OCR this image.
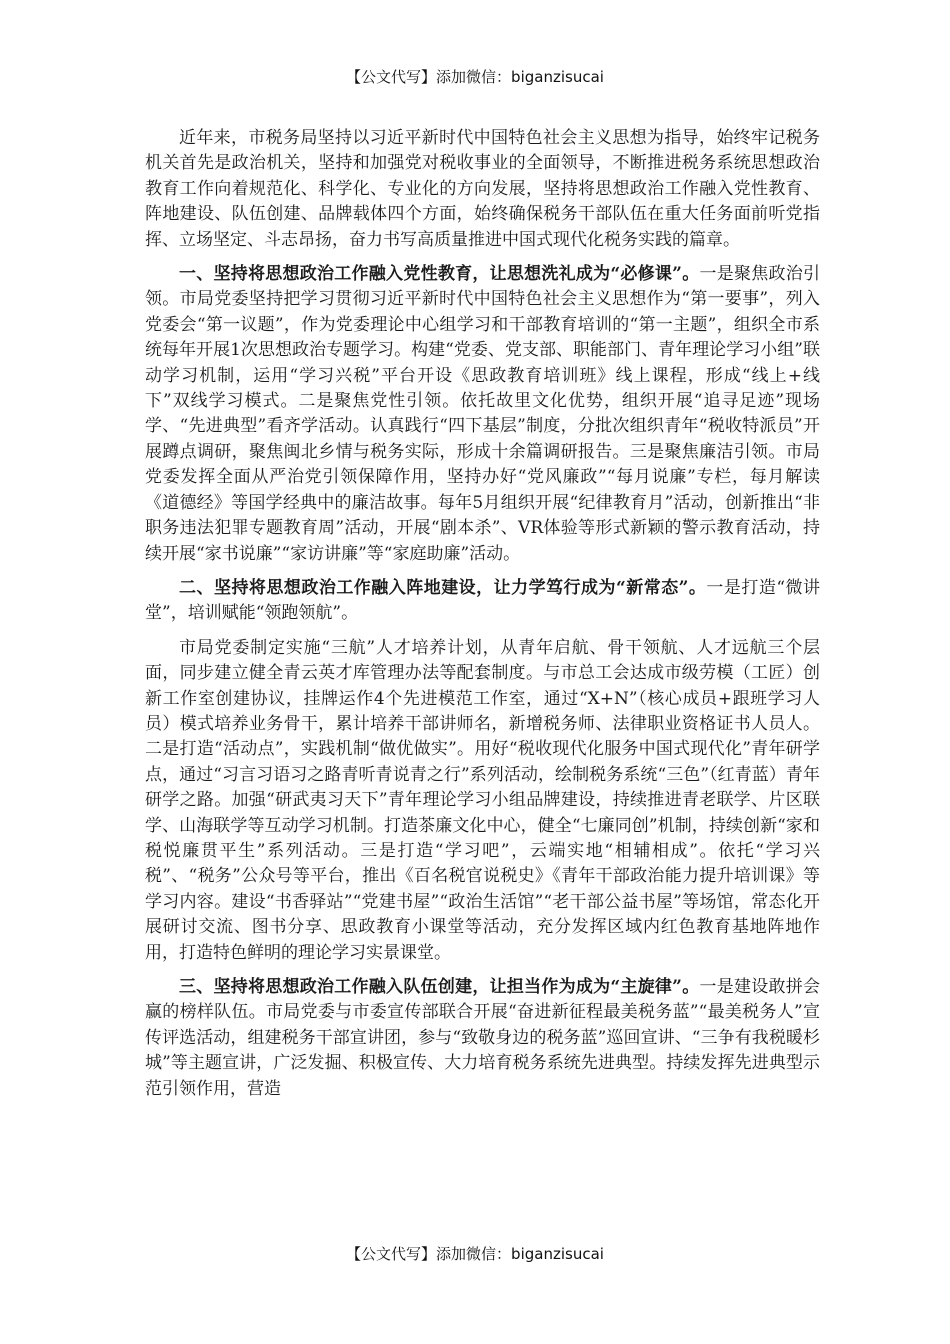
【公文代写】添加微信：biganzisucai

近年来，市税务局坚持以习近平新时代中国特色社会主义思想为指导，始终牢记税务机关首先是政治机关，坚持和加强党对税收事业的全面领导，不断推进税务系统思想政治教育工作向着规范化、科学化、专业化的方向发展，坚持将思想政治工作融入党性教育、阵地建设、队伍创建、品牌载体四个方面，始终确保税务干部队伍在重大任务面前听党指挥、立场坚定、斗志昂扬，奋力书写高质量推进中国式现代化税务实践的篇章。

一、坚持将思想政治工作融入党性教育，让思想洗礼成为“必修课”。一是聚焦政治引领。市局党委坚持把学习贯彻习近平新时代中国特色社会主义思想作为“第一要事”，列入党委会“第一议题”，作为党委理论中心组学习和干部教育培训的“第一主题”，组织全市系统每年开展1次思想政治专题学习。构建“党委、党支部、职能部门、青年理论学习小组”联动学习机制，运用“学习兴税”平台开设《思政教育培训班》线上课程，形成“线上+线下”双线学习模式。二是聚焦党性引领。依托故里文化优势，组织开展“追寻足迹”现场学、“先进典型”看齐学活动。认真践行“四下基层”制度，分批次组织青年“税收特派员”开展蹲点调研，聚焦闽北乡情与税务实际，形成十余篇调研报告。三是聚焦廉洁引领。市局党委发挥全面从严治党引领保障作用，坚持办好“党风廉政”“每月说廉”专栏，每月解读《道德经》等国学经典中的廉洁故事。每年5月组织开展“纪律教育月”活动，创新推出“非职务违法犯罪专题教育周”活动，开展“剧本杀”、VR体验等形式新颖的警示教育活动，持续开展“家书说廉”“家访讲廉”等“家庭助廉”活动。

二、坚持将思想政治工作融入阵地建设，让力学笃行成为“新常态”。一是打造“微讲堂”，培训赋能“领跑领航”。

市局党委制定实施“三航”人才培养计划，从青年启航、骨干领航、人才远航三个层面，同步建立健全青云英才库管理办法等配套制度。与市总工会达成市级劳模（工匠）创新工作室创建协议，挂牌运作4个先进模范工作室，通过“X+N”（核心成员+跟班学习人员）模式培养业务骨干，累计培养干部讲师名，新增税务师、法律职业资格证书人员人。二是打造“活动点”，实践机制“做优做实”。用好“税收现代化服务中国式现代化”青年研学点，通过“习言习语习之路青听青说青之行”系列活动，绘制税务系统“三色”（红青蓝）青年研学之路。加强“研武夷习天下”青年理论学习小组品牌建设，持续推进青老联学、片区联学、山海联学等互动学习机制。打造茶廉文化中心，健全“七廉同创”机制，持续创新“家和税悦廉贯平生”系列活动。三是打造“学习吧”，云端实地“相辅相成”。依托“学习兴税”、“税务”公众号等平台，推出《百名税官说税史》《青年干部政治能力提升培训课》等学习内容。建设“书香驿站”“党建书屋”“政治生活馆”“老干部公益书屋”等场馆，常态化开展研讨交流、图书分享、思政教育小课堂等活动，充分发挥区域内红色教育基地阵地作用，打造特色鲜明的理论学习实景课堂。

三、坚持将思想政治工作融入队伍创建，让担当作为成为“主旋律”。一是建设敢拼会赢的榜样队伍。市局党委与市委宣传部联合开展“奋进新征程最美税务蓝”“最美税务人”宣传评选活动，组建税务干部宣讲团，参与“致敬身边的税务蓝”巡回宣讲、“三争有我税暖杉城”等主题宣讲，广泛发掘、积极宣传、大力培育税务系统先进典型。持续发挥先进典型示范引领作用，营造

【公文代写】添加微信：biganzisucai
